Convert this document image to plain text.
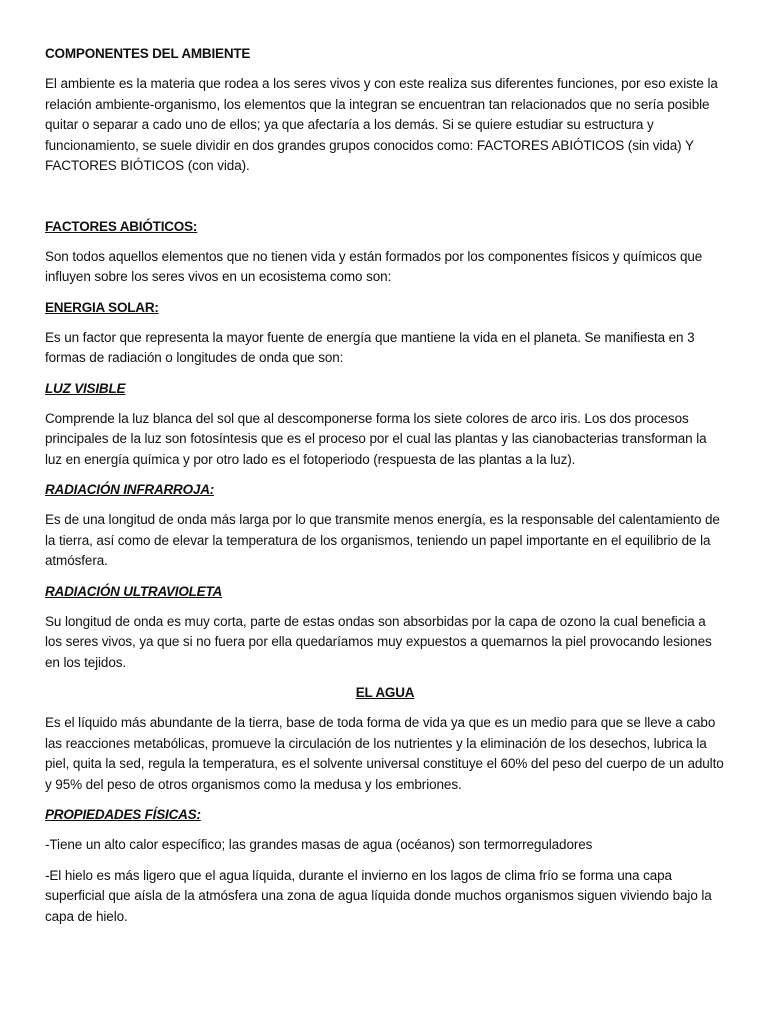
COMPONENTES DEL AMBIENTE
El ambiente es la materia que rodea a los seres vivos y con este realiza sus diferentes funciones, por eso existe la relación ambiente-organismo, los elementos que la integran se encuentran tan relacionados que no sería posible quitar o separar a cado uno de ellos; ya que afectaría a los demás. Si se quiere estudiar su estructura y funcionamiento, se suele dividir en dos grandes grupos conocidos como: FACTORES ABIÓTICOS (sin vida) Y FACTORES BIÓTICOS (con vida).
FACTORES ABIÓTICOS:
Son todos aquellos elementos que no tienen vida y están formados por los componentes físicos y químicos que influyen sobre los seres vivos en un ecosistema como son:
ENERGIA SOLAR:
Es un factor que representa la mayor fuente de energía que mantiene la vida en el planeta. Se manifiesta en 3 formas de radiación o longitudes de onda que son:
LUZ VISIBLE
Comprende la luz blanca del sol que al descomponerse forma los siete colores de arco iris. Los dos procesos principales de la luz son fotosíntesis que es el proceso por el cual las plantas y las cianobacterias transforman la luz en energía química y por otro lado es el fotoperiodo (respuesta de las plantas a la luz).
RADIACIÓN INFRARROJA:
Es de una longitud de onda más larga por lo que transmite menos energía, es la responsable del calentamiento de la tierra, así como de elevar la temperatura de los organismos, teniendo un papel importante en el equilibrio de la atmósfera.
RADIACIÓN ULTRAVIOLETA
Su longitud de onda es muy corta, parte de estas ondas son absorbidas por la capa de ozono la cual beneficia a los seres vivos, ya que si no fuera por ella quedaríamos muy expuestos a quemarnos la piel provocando lesiones en los tejidos.
EL AGUA
Es el líquido más abundante de la tierra, base de toda forma de vida ya que es un medio para que se lleve a cabo las reacciones metabólicas, promueve la circulación de los nutrientes y la eliminación de los desechos, lubrica la piel, quita la sed, regula la temperatura, es el solvente universal constituye el 60% del peso del cuerpo de un adulto y 95% del peso de otros organismos como la medusa y los embriones.
PROPIEDADES FÍSICAS:
-Tiene un alto calor específico; las grandes masas de agua (océanos) son termorreguladores
-El hielo es más ligero que el agua líquida, durante el invierno en los lagos de clima frío se forma una capa superficial que aísla de la atmósfera una zona de agua líquida donde muchos organismos siguen viviendo bajo la capa de hielo.
